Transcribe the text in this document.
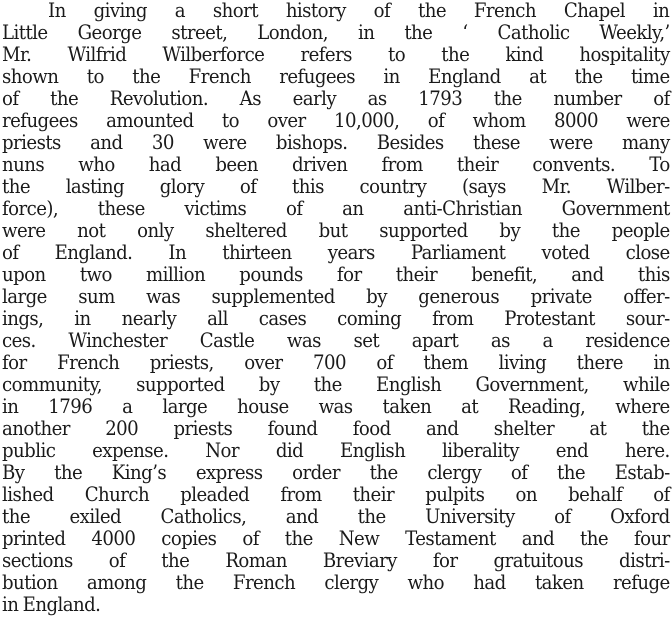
In giving a short history of the French Chapel in
Little George street, London, in the ‘ Catholic Weekly,’
Mr. Wilfrid Wilberforce refers to the kind hospitality
shown to the French refugees in England at the time
of the Revolution. As early as 1793 the number of
refugees amounted to over 10,000, of whom 8000 were
priests and 30 were bishops. Besides these were many
nuns who had been driven from their convents. To
the lasting glory of this country (says Mr. Wilber-
force), these victims of an anti-Christian Government
were not only sheltered but supported by the people
of England. In thirteen years Parliament voted close
upon two million pounds for their benefit, and this
large sum was supplemented by generous private offer-
ings, in nearly all cases coming from Protestant sour-
ces. Winchester Castle was set apart as a residence
for French priests, over 700 of them living there in
community, supported by the English Government, while
in 1796 a large house was taken at Reading, where
another 200 priests found food and shelter at the
public expense. Nor did English liberality end here.
By the King’s express order the clergy of the Estab-
lished Church pleaded from their pulpits on behalf of
the exiled Catholics, and the University of Oxford
printed 4000 copies of the New Testament and the four
sections of the Roman Breviary for gratuitous distri-
bution among the French clergy who had taken refuge
in England.
